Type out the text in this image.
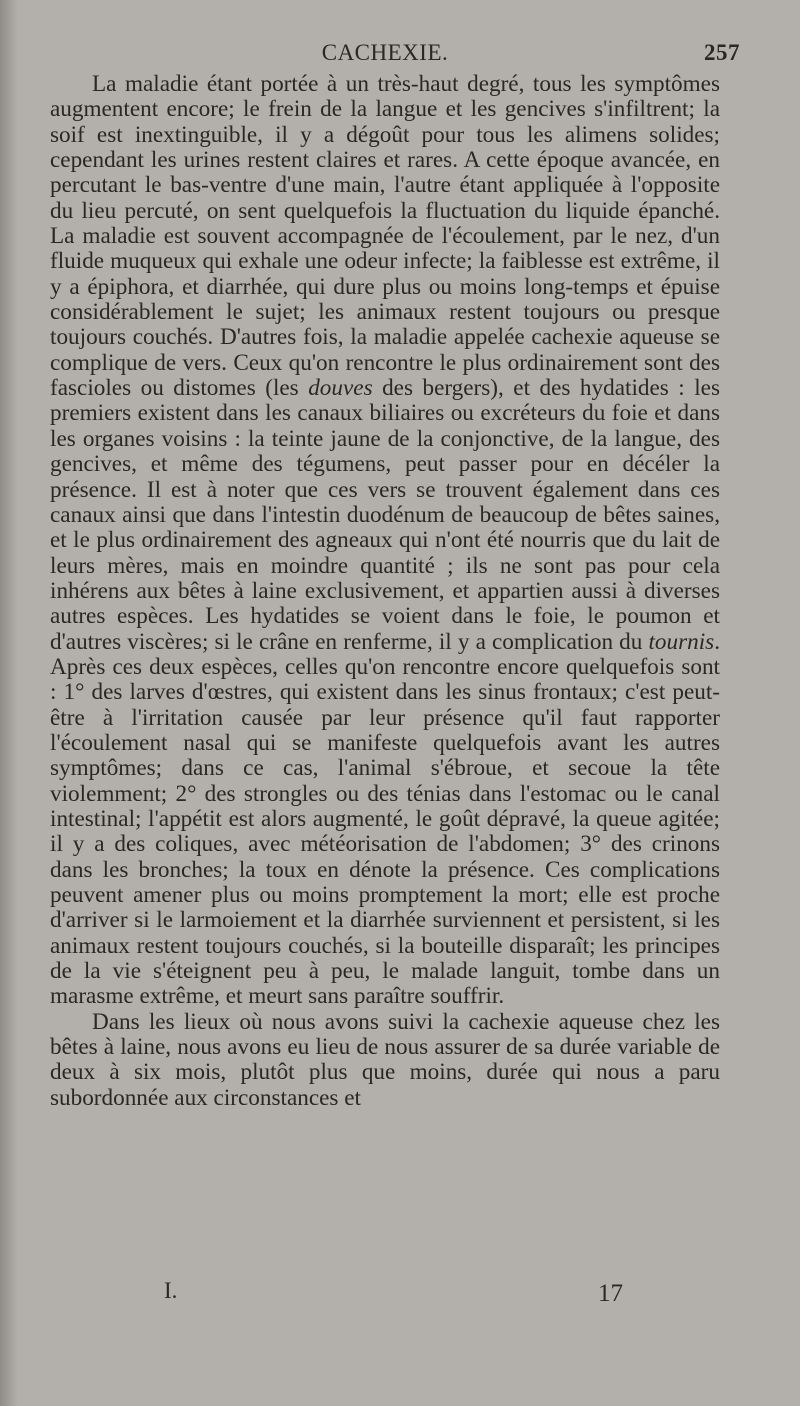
CACHEXIE.	257

La maladie étant portée à un très-haut degré, tous les symptômes augmentent encore; le frein de la langue et les gencives s'infiltrent; la soif est inextinguible, il y a dégoût pour tous les alimens solides; cependant les urines restent claires et rares. A cette époque avancée, en percutant le bas-ventre d'une main, l'autre étant appliquée à l'opposite du lieu percuté, on sent quelquefois la fluctuation du liquide épanché. La maladie est souvent accompagnée de l'écoulement, par le nez, d'un fluide muqueux qui exhale une odeur infecte; la faiblesse est extrême, il y a épiphora, et diarrhée, qui dure plus ou moins long-temps et épuise considérablement le sujet; les animaux restent toujours ou presque toujours couchés. D'autres fois, la maladie appelée cachexie aqueuse se complique de vers. Ceux qu'on rencontre le plus ordinairement sont des fascioles ou distomes (les douves des bergers), et des hydatides : les premiers existent dans les canaux biliaires ou excréteurs du foie et dans les organes voisins : la teinte jaune de la conjonctive, de la langue, des gencives, et même des tégumens, peut passer pour en décéler la présence. Il est à noter que ces vers se trouvent également dans ces canaux ainsi que dans l'intestin duodénum de beaucoup de bêtes saines, et le plus ordinairement des agneaux qui n'ont été nourris que du lait de leurs mères, mais en moindre quantité ; ils ne sont pas pour cela inhérens aux bêtes à laine exclusivement, et appartien aussi à diverses autres espèces. Les hydatides se voient dans le foie, le poumon et d'autres viscères; si le crâne en renferme, il y a complication du tournis. Après ces deux espèces, celles qu'on rencontre encore quelquefois sont : 1° des larves d'œstres, qui existent dans les sinus frontaux; c'est peut-être à l'irritation causée par leur présence qu'il faut rapporter l'écoulement nasal qui se manifeste quelquefois avant les autres symptômes; dans ce cas, l'animal s'ébroue, et secoue la tête violemment; 2° des strongles ou des ténias dans l'estomac ou le canal intestinal; l'appétit est alors augmenté, le goût dépravé, la queue agitée; il y a des coliques, avec météorisation de l'abdomen; 3° des crinons dans les bronches; la toux en dénote la présence. Ces complications peuvent amener plus ou moins promptement la mort; elle est proche d'arriver si le larmoiement et la diarrhée surviennent et persistent, si les animaux restent toujours couchés, si la bouteille disparaît; les principes de la vie s'éteignent peu à peu, le malade languit, tombe dans un marasme extrême, et meurt sans paraître souffrir.

Dans les lieux où nous avons suivi la cachexie aqueuse chez les bêtes à laine, nous avons eu lieu de nous assurer de sa durée variable de deux à six mois, plutôt plus que moins, durée qui nous a paru subordonnée aux circonstances et

I.	17
